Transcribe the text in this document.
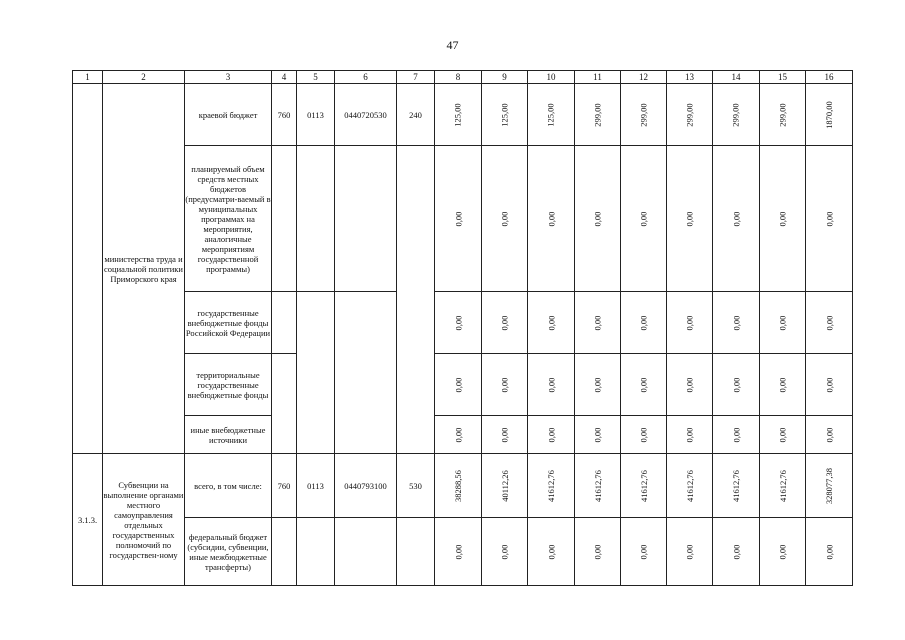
47
1	2	3	4	5	6	7	8	9	10	11	12	13	14	15	16
	министерства труда и социальной политики Приморского края	краевой бюджет	760	0113	0440720530	240	125,00	125,00	125,00	299,00	299,00	299,00	299,00	299,00	1870,00
		планируемый объем средств местных бюджетов (предусматри-ваемый в муниципальных программах на мероприятия, аналогичные мероприятиям государственной программы)					0,00	0,00	0,00	0,00	0,00	0,00	0,00	0,00	0,00
		государственные внебюджетные фонды Российской Федерации					0,00	0,00	0,00	0,00	0,00	0,00	0,00	0,00	0,00
		территориальные государственные внебюджетные фонды					0,00	0,00	0,00	0,00	0,00	0,00	0,00	0,00	0,00
		иные внебюджетные источники					0,00	0,00	0,00	0,00	0,00	0,00	0,00	0,00	0,00
3.1.3.	Субвенции на выполнение органами местного самоуправления отдельных государственных полномочий по государствен-ному	всего, в том числе:	760	0113	0440793100	530	38288,56	40112,26	41612,76	41612,76	41612,76	41612,76	41612,76	41612,76	328077,38
		федеральный бюджет (субсидии, субвенции, иные межбюджетные трансферты)					0,00	0,00	0,00	0,00	0,00	0,00	0,00	0,00	0,00
